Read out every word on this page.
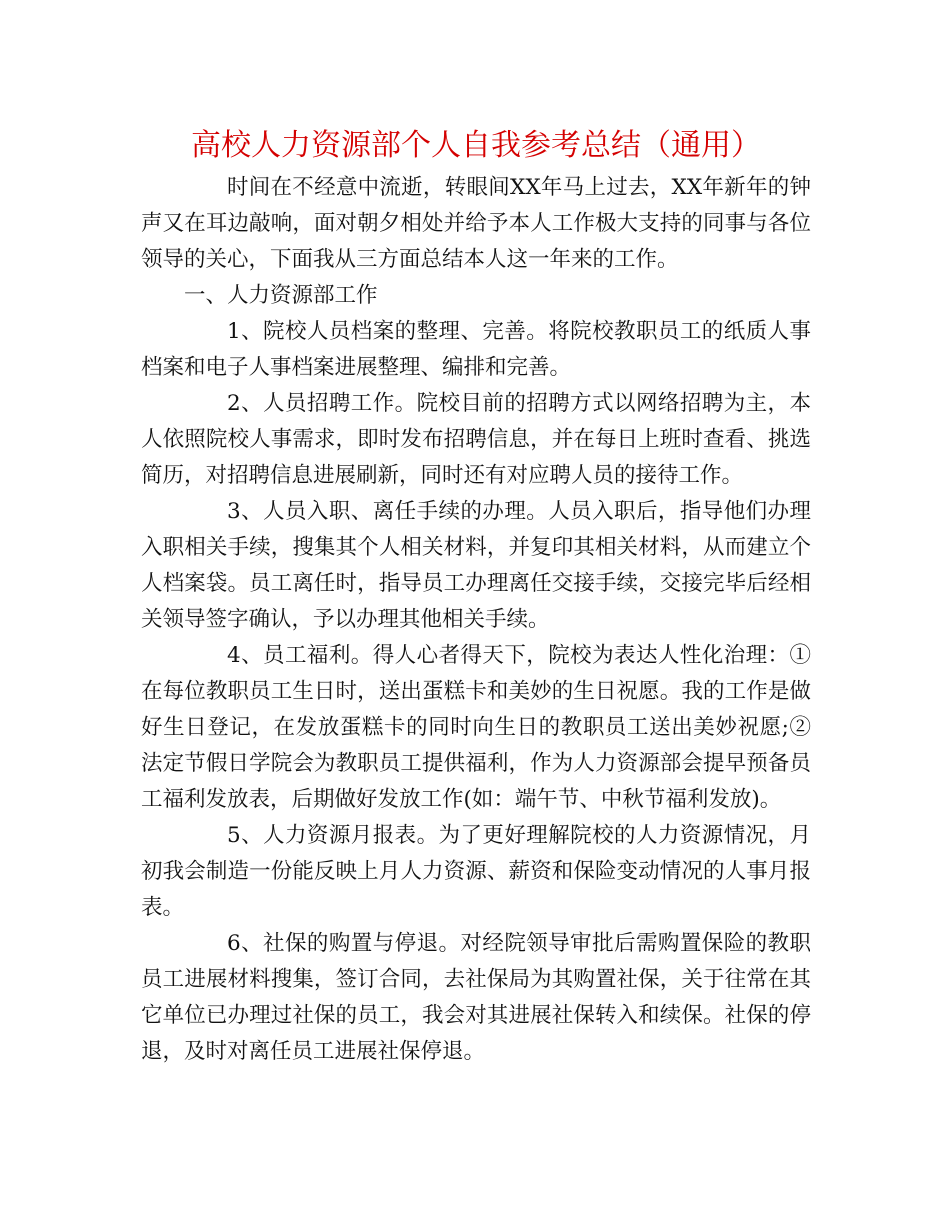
高校人力资源部个人自我参考总结（通用）

时间在不经意中流逝，转眼间XX年马上过去，XX年新年的钟声又在耳边敲响，面对朝夕相处并给予本人工作极大支持的同事与各位领导的关心，下面我从三方面总结本人这一年来的工作。

一、人力资源部工作

1、院校人员档案的整理、完善。将院校教职员工的纸质人事档案和电子人事档案进展整理、编排和完善。

2、人员招聘工作。院校目前的招聘方式以网络招聘为主，本人依照院校人事需求，即时发布招聘信息，并在每日上班时查看、挑选简历，对招聘信息进展刷新，同时还有对应聘人员的接待工作。

3、人员入职、离任手续的办理。人员入职后，指导他们办理入职相关手续，搜集其个人相关材料，并复印其相关材料，从而建立个人档案袋。员工离任时，指导员工办理离任交接手续，交接完毕后经相关领导签字确认，予以办理其他相关手续。

4、员工福利。得人心者得天下，院校为表达人性化治理：①在每位教职员工生日时，送出蛋糕卡和美妙的生日祝愿。我的工作是做好生日登记，在发放蛋糕卡的同时向生日的教职员工送出美妙祝愿;②法定节假日学院会为教职员工提供福利，作为人力资源部会提早预备员工福利发放表，后期做好发放工作(如：端午节、中秋节福利发放)。

5、人力资源月报表。为了更好理解院校的人力资源情况，月初我会制造一份能反映上月人力资源、薪资和保险变动情况的人事月报表。

6、社保的购置与停退。对经院领导审批后需购置保险的教职员工进展材料搜集，签订合同，去社保局为其购置社保，关于往常在其它单位已办理过社保的员工，我会对其进展社保转入和续保。社保的停退，及时对离任员工进展社保停退。
